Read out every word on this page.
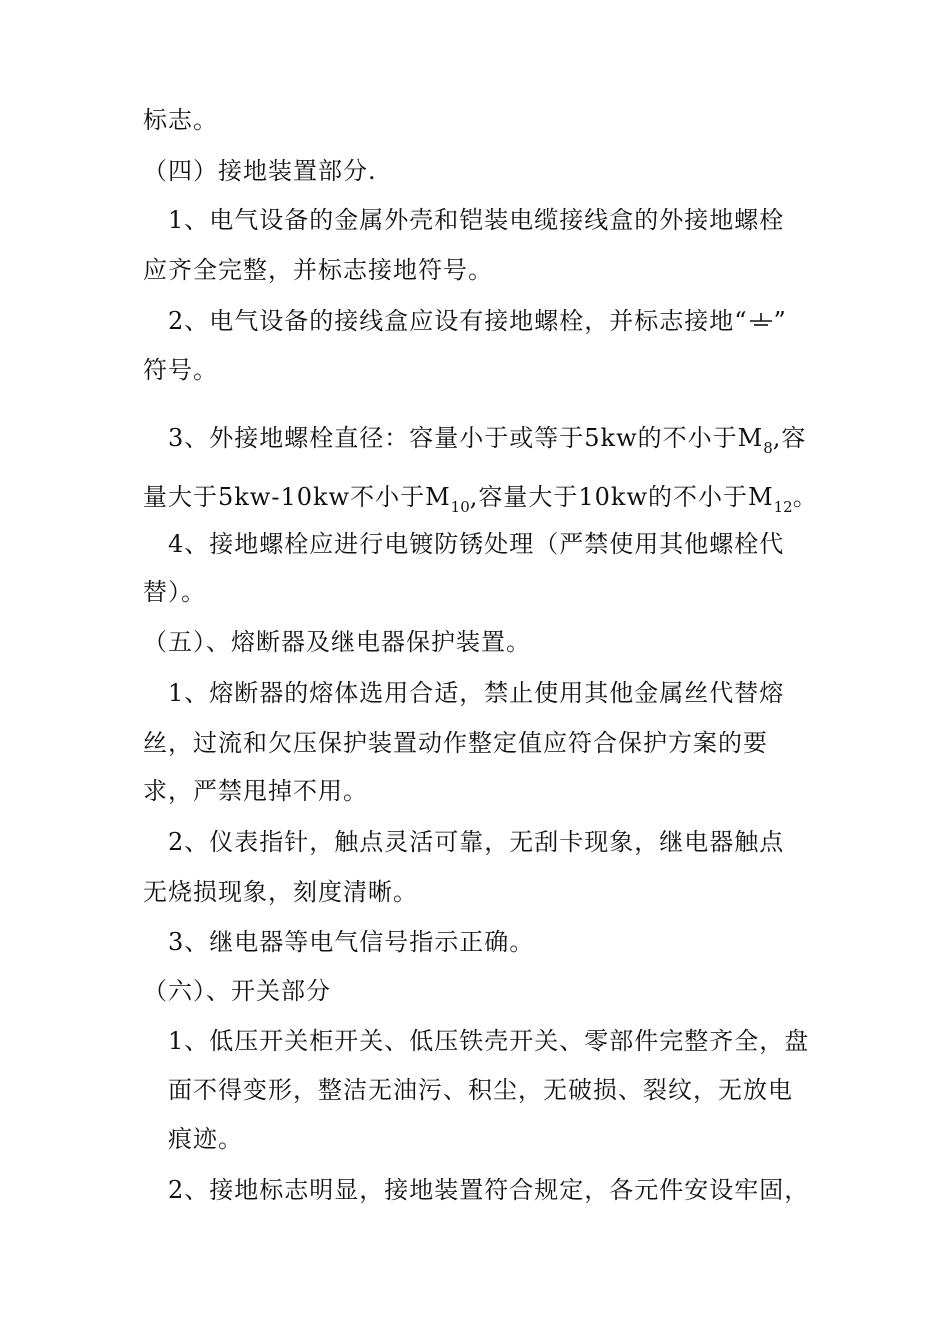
标志。
（四）接地装置部分.
1、电气设备的金属外壳和铠装电缆接线盒的外接地螺栓
应齐全完整，并标志接地符号。
2、电气设备的接线盒应设有接地螺栓，并标志接地“ ”
符号。
3、外接地螺栓直径：容量小于或等于5kw的不小于$M_8$,容
量大于5kw-10kw不小于$M_{10}$,容量大于10kw的不小于$M_{12}$。
4、接地螺栓应进行电镀防锈处理（严禁使用其他螺栓代
替）。
（五）、熔断器及继电器保护装置。
1、熔断器的熔体选用合适，禁止使用其他金属丝代替熔
丝，过流和欠压保护装置动作整定值应符合保护方案的要
求，严禁甩掉不用。
2、仪表指针，触点灵活可靠，无刮卡现象，继电器触点
无烧损现象，刻度清晰。
3、继电器等电气信号指示正确。
（六）、开关部分
1、低压开关柜开关、低压铁壳开关、零部件完整齐全，盘
面不得变形，整洁无油污、积尘，无破损、裂纹，无放电
痕迹。
2、接地标志明显，接地装置符合规定，各元件安设牢固，
